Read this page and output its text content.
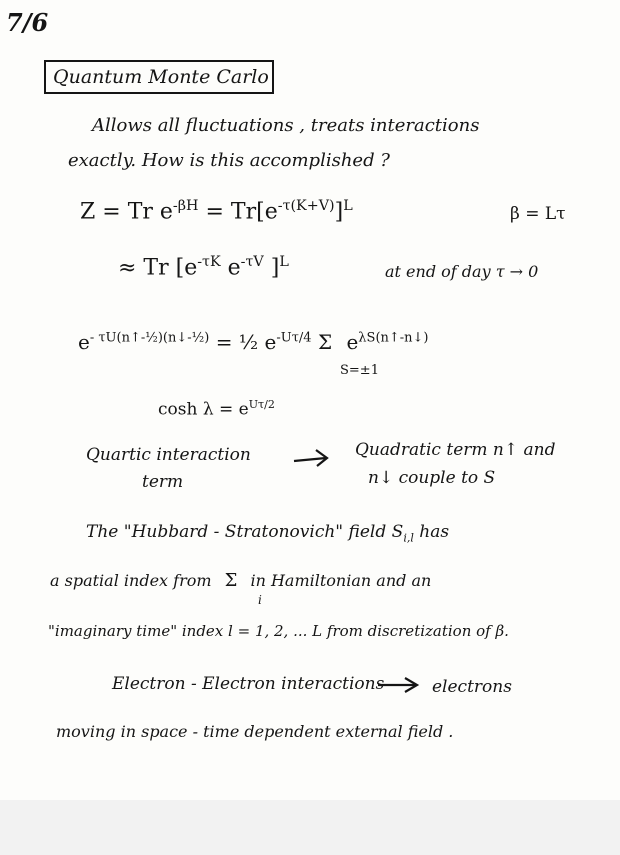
7/6
Quantum Monte Carlo
Allows all fluctuations , treats interactions
exactly. How is this accomplished ?
Z = Tr $e^{-\beta H} = Tr[e^{-\tau(K+V)}]^L$	β = Lτ
≈ Tr [$e^{-\tau K}$ $e^{-\tau V}$ ]$^L$	at end of day τ → 0
$e^{- \tau U(n↑-\frac{1}{2})(n↓-\frac{1}{2})}$ = ½ $e^{-U\tau/4}$ Σ $e^{\lambda S(n↑-n↓)}$
S=±1
$\cosh \lambda = e^{U\tau/2}$
Quartic interaction
term
Quadratic term n↑ and
n↓ couple to S
The "Hubbard - Stratonovich" field $S_{i,l}$ has
a spatial index from Σ in Hamiltonian and an
i
"imaginary time" index l = 1, 2, ... L from discretization of β.
Electron - Electron interactions	electrons
moving in space - time dependent external field .
